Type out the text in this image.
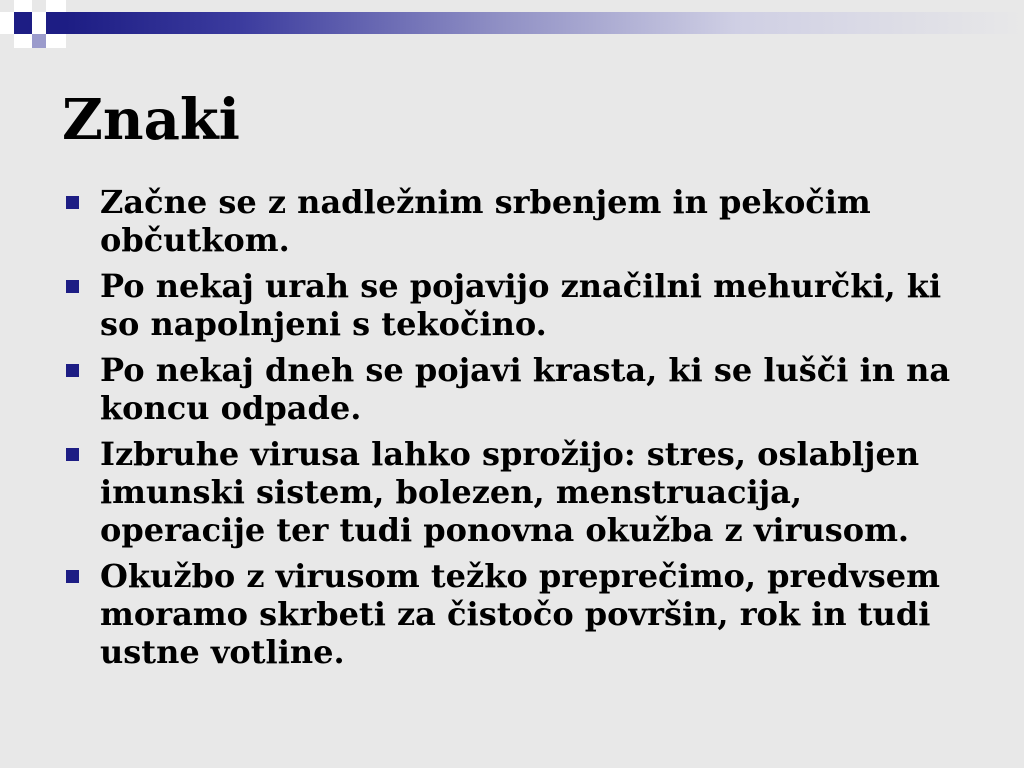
Znaki
Začne se z nadležnim srbenjem in pekočim občutkom.
Po nekaj urah se pojavijo značilni mehurčki, ki so napolnjeni s tekočino.
Po nekaj dneh se pojavi krasta, ki se lušči in na koncu odpade.
Izbruhe virusa lahko sprožijo: stres, oslabljen imunski sistem, bolezen, menstruacija, operacije ter tudi ponovna okužba z virusom.
Okužbo z virusom težko preprečimo, predvsem moramo skrbeti za čistočo površin, rok in tudi ustne votline.
